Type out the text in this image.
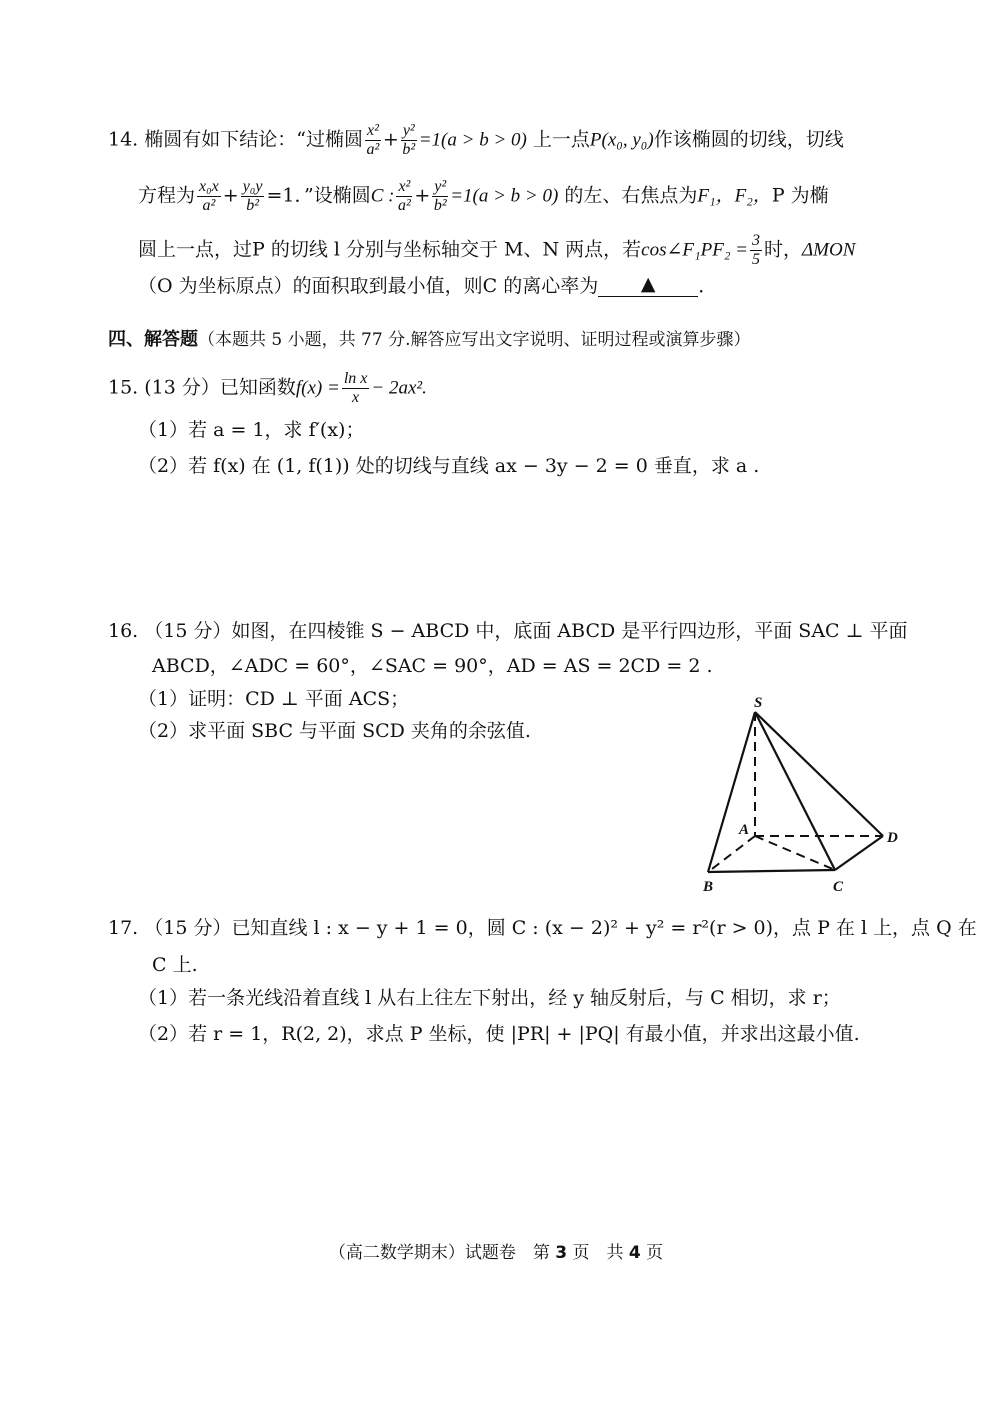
14. 椭圆有如下结论：“过椭圆 $\frac{\text{x²}}{\text{a²}} + \frac{\text{y²}}{\text{b²}} =1(a > b > 0)$ 上一点P(x₀, y₀)作该椭圆的切线，切线
方程为 $\frac{\text{x₀x}}{\text{a²}} + \frac{\text{y₀y}}{\text{b²}} =1$．”设椭圆C : $\frac{\text{x²}}{\text{a²}} + \frac{\text{y²}}{\text{b²}} =1(a > b > 0)$ 的左、右焦点为F₁，F₂，P 为椭
圆上一点，过P 的切线 l 分别与坐标轴交于 M、N 两点，若cos∠F₁PF₂ = $\frac{3}{5}$ 时，ΔMON
（O 为坐标原点）的面积取到最小值，则C 的离心率为 ▲ ．
四、解答题（本题共 5 小题，共 77 分.解答应写出文字说明、证明过程或演算步骤）
15. (13 分）已知函数$f(x) = \frac{\text{ln x}}{x} - 2ax^2$.
（1）若 a = 1，求 f′(x)；
（2）若 f(x) 在 (1, f(1)) 处的切线与直线 ax − 3y − 2 = 0 垂直，求 a .
16. （15 分）如图，在四棱锥 S − ABCD 中，底面 ABCD 是平行四边形，平面 SAC ⊥ 平面
ABCD，∠ADC = 60°，∠SAC = 90°，AD = AS = 2CD = 2 .
（1）证明：CD ⊥ 平面 ACS；
（2）求平面 SBC 与平面 SCD 夹角的余弦值.
S
A
B	C
D
17. （15 分）已知直线 l : x − y + 1 = 0，圆 C : (x − 2)² + y² = r²(r > 0)，点 P 在 l 上，点 Q 在
C 上.
（1）若一条光线沿着直线 l 从右上往左下射出，经 y 轴反射后，与 C 相切，求 r；
（2）若 r = 1，R(2, 2)，求点 P 坐标，使 |PR| + |PQ| 有最小值，并求出这最小值.
（高二数学期末）试题卷　第 3 页　共 4 页
